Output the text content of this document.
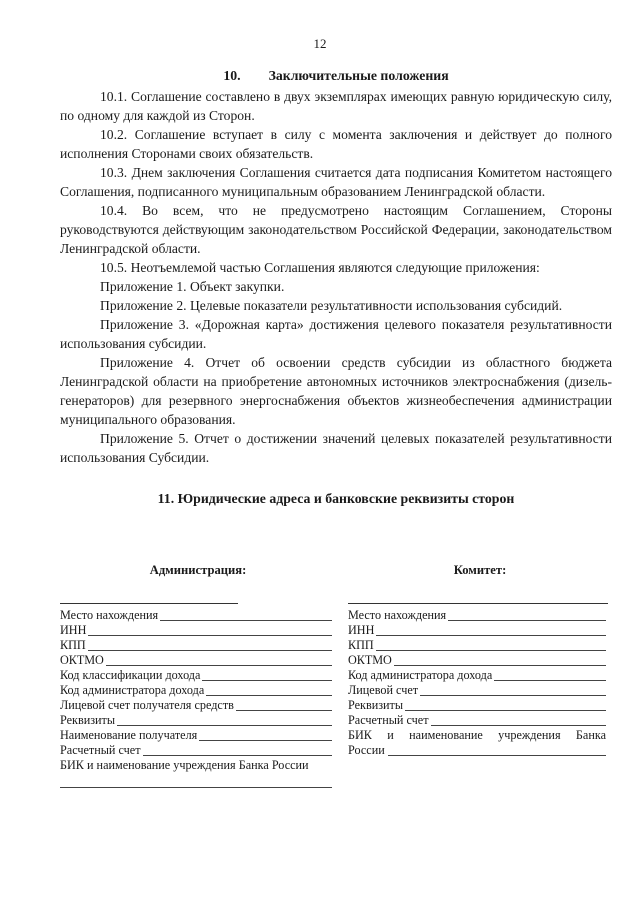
12
10. Заключительные положения

10.1. Соглашение составлено в двух экземплярах имеющих равную юридическую силу, по одному для каждой из Сторон.

10.2. Соглашение вступает в силу с момента заключения и действует до полного исполнения Сторонами своих обязательств.

10.3. Днем заключения Соглашения считается дата подписания Комитетом настоящего Соглашения, подписанного муниципальным образованием Ленинградской области.

10.4. Во всем, что не предусмотрено настоящим Соглашением, Стороны руководствуются действующим законодательством Российской Федерации, законодательством Ленинградской области.

10.5. Неотъемлемой частью Соглашения являются следующие приложения:

Приложение 1. Объект закупки.

Приложение 2. Целевые показатели результативности использования субсидий.

Приложение 3. «Дорожная карта» достижения целевого показателя результативности использования субсидии.

Приложение 4. Отчет об освоении средств субсидии из областного бюджета Ленинградской области на приобретение автономных источников электроснабжения (дизель-генераторов) для резервного энергоснабжения объектов жизнеобеспечения администрации муниципального образования.

Приложение 5. Отчет о достижении значений целевых показателей результативности использования Субсидии.

11. Юридические адреса и банковские реквизиты сторон
Администрация:
Место нахождения
ИНН
КПП
ОКТМО
Код классификации дохода
Код администратора дохода
Лицевой счет получателя средств
Реквизиты
Наименование получателя
Расчетный счет
БИК и наименование учреждения Банка России
Комитет:
Место нахождения
ИНН
КПП
ОКТМО
Код администратора дохода
Лицевой счет
Реквизиты
Расчетный счет
БИК и наименование учреждения Банка
России
